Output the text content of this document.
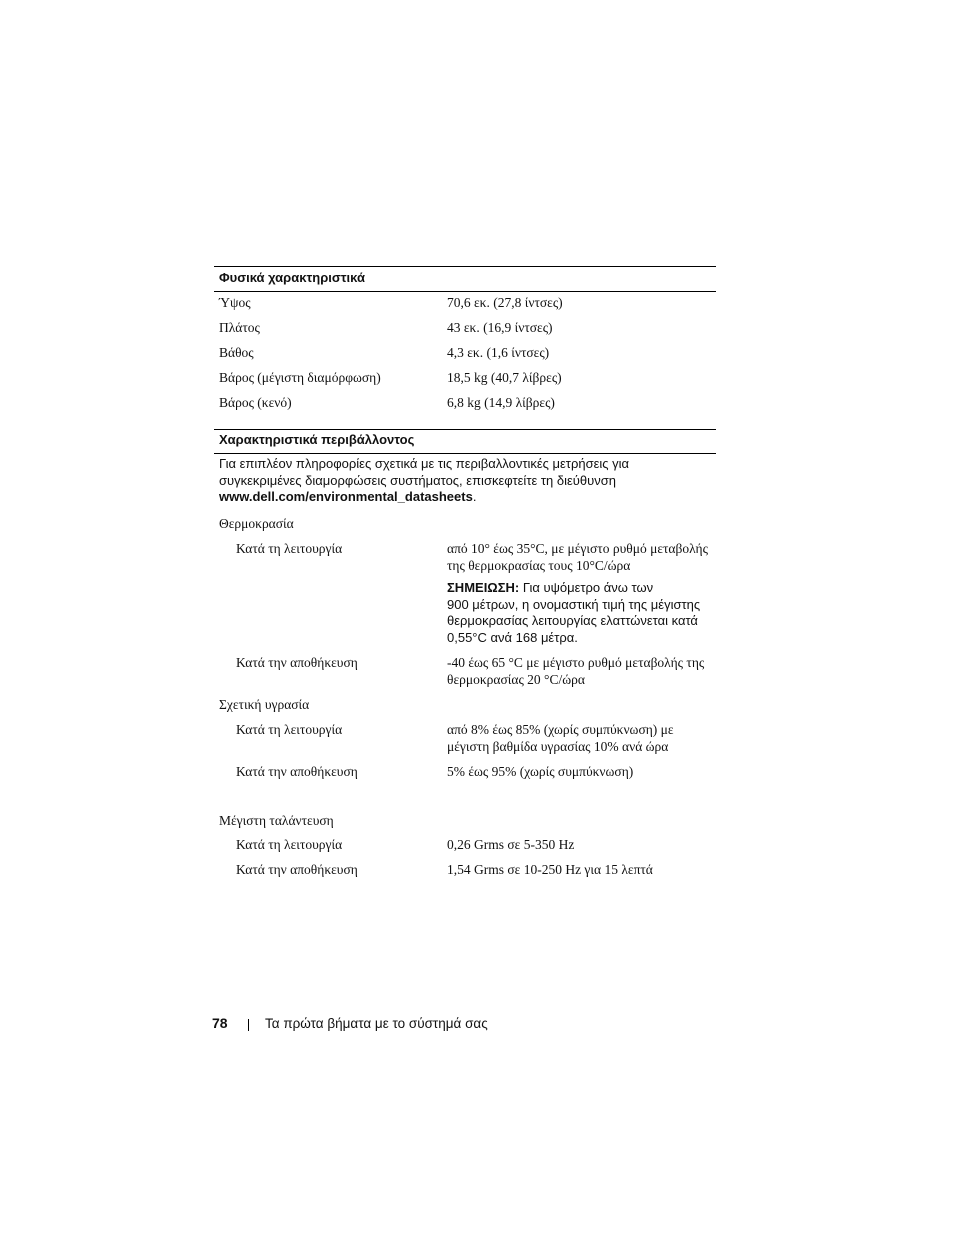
Φυσικά χαρακτηριστικά
Ύψος	70,6 εκ. (27,8 ίντσες)
Πλάτος	43 εκ. (16,9 ίντσες)
Βάθος	4,3 εκ. (1,6 ίντσες)
Βάρος (μέγιστη διαμόρφωση)	18,5 kg (40,7 λίβρες)
Βάρος (κενό)	6,8 kg (14,9 λίβρες)
Χαρακτηριστικά περιβάλλοντος
Για επιπλέον πληροφορίες σχετικά με τις περιβαλλοντικές μετρήσεις για
συγκεκριμένες διαμορφώσεις συστήματος, επισκεφτείτε τη διεύθυνση
www.dell.com/environmental_datasheets.
Θερμοκρασία
Κατά τη λειτουργία	από 10° έως 35°C, με μέγιστο ρυθμό μεταβολής
της θερμοκρασίας τους 10°C/ώρα
ΣΗΜΕΙΩΣΗ: Για υψόμετρο άνω των
900 μέτρων, η ονομαστική τιμή της μέγιστης
θερμοκρασίας λειτουργίας ελαττώνεται κατά
0,55°C ανά 168 μέτρα.
Κατά την αποθήκευση	-40 έως 65 °C με μέγιστο ρυθμό μεταβολής της
θερμοκρασίας 20 °C/ώρα
Σχετική υγρασία
Κατά τη λειτουργία	από 8% έως 85% (χωρίς συμπύκνωση) με
μέγιστη βαθμίδα υγρασίας 10% ανά ώρα
Κατά την αποθήκευση	5% έως 95% (χωρίς συμπύκνωση)
Μέγιστη ταλάντευση
Κατά τη λειτουργία	0,26 Grms σε 5-350 Hz
Κατά την αποθήκευση	1,54 Grms σε 10-250 Hz για 15 λεπτά
78	Τα πρώτα βήματα με το σύστημά σας
